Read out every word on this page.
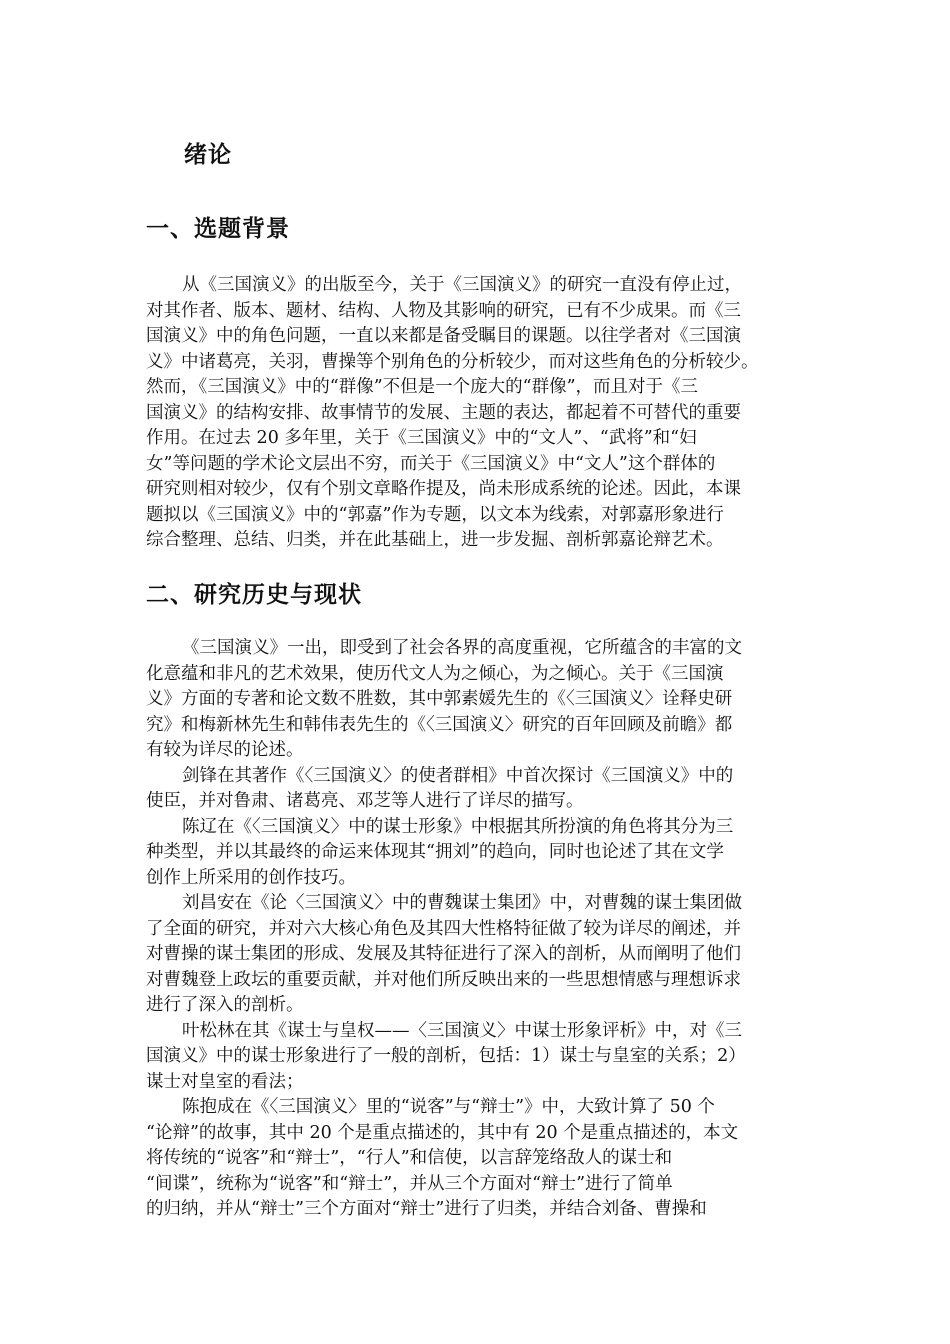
绪论
一、选题背景
从《三国演义》的出版至今，关于《三国演义》的研究一直没有停止过，
对其作者、版本、题材、结构、人物及其影响的研究，已有不少成果。而《三
国演义》中的角色问题，一直以来都是备受瞩目的课题。以往学者对《三国演
义》中诸葛亮，关羽，曹操等个别角色的分析较少，而对这些角色的分析较少。
然而，《三国演义》中的“群像”不但是一个庞大的“群像”，而且对于《三
国演义》的结构安排、故事情节的发展、主题的表达，都起着不可替代的重要
作用。在过去 20 多年里，关于《三国演义》中的“文人”、“武将”和“妇
女”等问题的学术论文层出不穷，而关于《三国演义》中“文人”这个群体的
研究则相对较少，仅有个别文章略作提及，尚未形成系统的论述。因此，本课
题拟以《三国演义》中的“郭嘉”作为专题，以文本为线索，对郭嘉形象进行
综合整理、总结、归类，并在此基础上，进一步发掘、剖析郭嘉论辩艺术。
二、研究历史与现状
《三国演义》一出，即受到了社会各界的高度重视，它所蕴含的丰富的文
化意蕴和非凡的艺术效果，使历代文人为之倾心，为之倾心。关于《三国演
义》方面的专著和论文数不胜数，其中郭素媛先生的《〈三国演义〉诠释史研
究》和梅新林先生和韩伟表先生的《〈三国演义〉研究的百年回顾及前瞻》都
有较为详尽的论述。
剑锋在其著作《〈三国演义〉的使者群相》中首次探讨《三国演义》中的
使臣，并对鲁肃、诸葛亮、邓芝等人进行了详尽的描写。
陈辽在《〈三国演义〉中的谋士形象》中根据其所扮演的角色将其分为三
种类型，并以其最终的命运来体现其“拥刘”的趋向，同时也论述了其在文学
创作上所采用的创作技巧。
刘昌安在《论〈三国演义〉中的曹魏谋士集团》中，对曹魏的谋士集团做
了全面的研究，并对六大核心角色及其四大性格特征做了较为详尽的阐述，并
对曹操的谋士集团的形成、发展及其特征进行了深入的剖析，从而阐明了他们
对曹魏登上政坛的重要贡献，并对他们所反映出来的一些思想情感与理想诉求
进行了深入的剖析。
叶松林在其《谋士与皇权——〈三国演义〉中谋士形象评析》中，对《三
国演义》中的谋士形象进行了一般的剖析，包括：1）谋士与皇室的关系；2）
谋士对皇室的看法；
陈抱成在《〈三国演义〉里的“说客”与“辩士”》中，大致计算了 50 个
“论辩”的故事，其中 20 个是重点描述的，其中有 20 个是重点描述的，本文
将传统的“说客”和“辩士”，“行人”和信使，以言辞笼络敌人的谋士和
“间谍”，统称为“说客”和“辩士”，并从三个方面对“辩士”进行了简单
的归纳，并从“辩士”三个方面对“辩士”进行了归类，并结合刘备、曹操和
